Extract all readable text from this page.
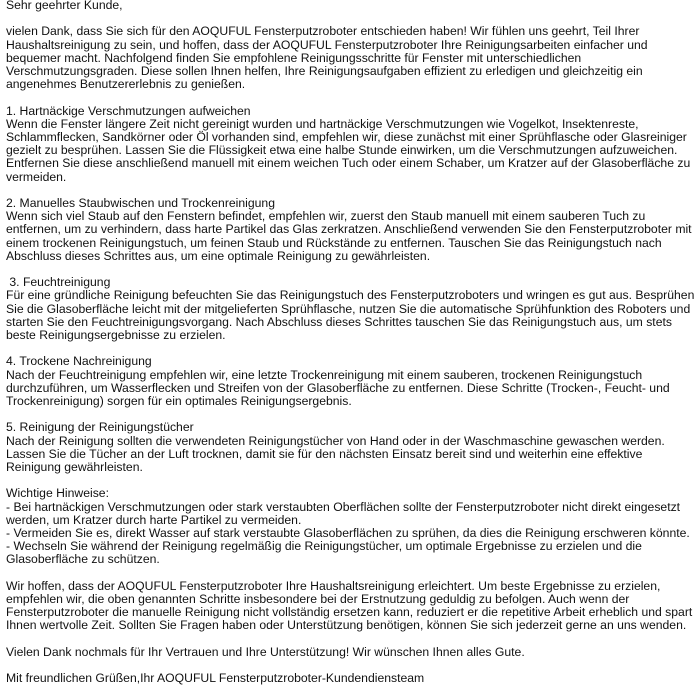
Sehr geehrter Kunde,

vielen Dank, dass Sie sich für den AOQUFUL Fensterputzroboter entschieden haben! Wir fühlen uns geehrt, Teil Ihrer Haushaltsreinigung zu sein, und hoffen, dass der AOQUFUL Fensterputzroboter Ihre Reinigungsarbeiten einfacher und bequemer macht. Nachfolgend finden Sie empfohlene Reinigungsschritte für Fenster mit unterschiedlichen Verschmutzungsgraden. Diese sollen Ihnen helfen, Ihre Reinigungsaufgaben effizient zu erledigen und gleichzeitig ein angenehmes Benutzererlebnis zu genießen.

1. Hartnäckige Verschmutzungen aufweichen
Wenn die Fenster längere Zeit nicht gereinigt wurden und hartnäckige Verschmutzungen wie Vogelkot, Insektenreste, Schlammflecken, Sandkörner oder Öl vorhanden sind, empfehlen wir, diese zunächst mit einer Sprühflasche oder Glasreiniger gezielt zu besprühen. Lassen Sie die Flüssigkeit etwa eine halbe Stunde einwirken, um die Verschmutzungen aufzuweichen. Entfernen Sie diese anschließend manuell mit einem weichen Tuch oder einem Schaber, um Kratzer auf der Glasoberfläche zu vermeiden.

2. Manuelles Staubwischen und Trockenreinigung
Wenn sich viel Staub auf den Fenstern befindet, empfehlen wir, zuerst den Staub manuell mit einem sauberen Tuch zu entfernen, um zu verhindern, dass harte Partikel das Glas zerkratzen. Anschließend verwenden Sie den Fensterputzroboter mit einem trockenen Reinigungstuch, um feinen Staub und Rückstände zu entfernen. Tauschen Sie das Reinigungstuch nach Abschluss dieses Schrittes aus, um eine optimale Reinigung zu gewährleisten.

3. Feuchtreinigung
Für eine gründliche Reinigung befeuchten Sie das Reinigungstuch des Fensterputzroboters und wringen es gut aus. Besprühen Sie die Glasoberfläche leicht mit der mitgelieferten Sprühflasche, nutzen Sie die automatische Sprühfunktion des Roboters und starten Sie den Feuchtreinigungsvorgang. Nach Abschluss dieses Schrittes tauschen Sie das Reinigungstuch aus, um stets beste Reinigungsergebnisse zu erzielen.

4. Trockene Nachreinigung
Nach der Feuchtreinigung empfehlen wir, eine letzte Trockenreinigung mit einem sauberen, trockenen Reinigungstuch durchzuführen, um Wasserflecken und Streifen von der Glasoberfläche zu entfernen. Diese Schritte (Trocken-, Feucht- und Trockenreinigung) sorgen für ein optimales Reinigungsergebnis.

5. Reinigung der Reinigungstücher
Nach der Reinigung sollten die verwendeten Reinigungstücher von Hand oder in der Waschmaschine gewaschen werden. Lassen Sie die Tücher an der Luft trocknen, damit sie für den nächsten Einsatz bereit sind und weiterhin eine effektive  Reinigung gewährleisten.

Wichtige Hinweise:
- Bei hartnäckigen Verschmutzungen oder stark verstaubten Oberflächen sollte der Fensterputzroboter nicht direkt eingesetzt werden, um Kratzer durch harte Partikel zu vermeiden.
- Vermeiden Sie es, direkt Wasser auf stark verstaubte Glasoberflächen zu sprühen, da dies die Reinigung erschweren könnte.
- Wechseln Sie während der Reinigung regelmäßig die Reinigungstücher, um optimale Ergebnisse zu erzielen und die Glasoberfläche zu schützen.

Wir hoffen, dass der AOQUFUL Fensterputzroboter Ihre Haushaltsreinigung erleichtert. Um beste Ergebnisse zu erzielen, empfehlen wir, die oben genannten Schritte insbesondere bei der Erstnutzung geduldig zu befolgen. Auch wenn der Fensterputzroboter die manuelle Reinigung nicht vollständig ersetzen kann, reduziert er die repetitive Arbeit erheblich und spart Ihnen wertvolle Zeit. Sollten Sie Fragen haben oder Unterstützung benötigen, können Sie sich jederzeit gerne an uns wenden.

Vielen Dank nochmals für Ihr Vertrauen und Ihre Unterstützung! Wir wünschen Ihnen alles Gute.

Mit freundlichen Grüßen,Ihr AOQUFUL Fensterputzroboter-Kundendiensteam
